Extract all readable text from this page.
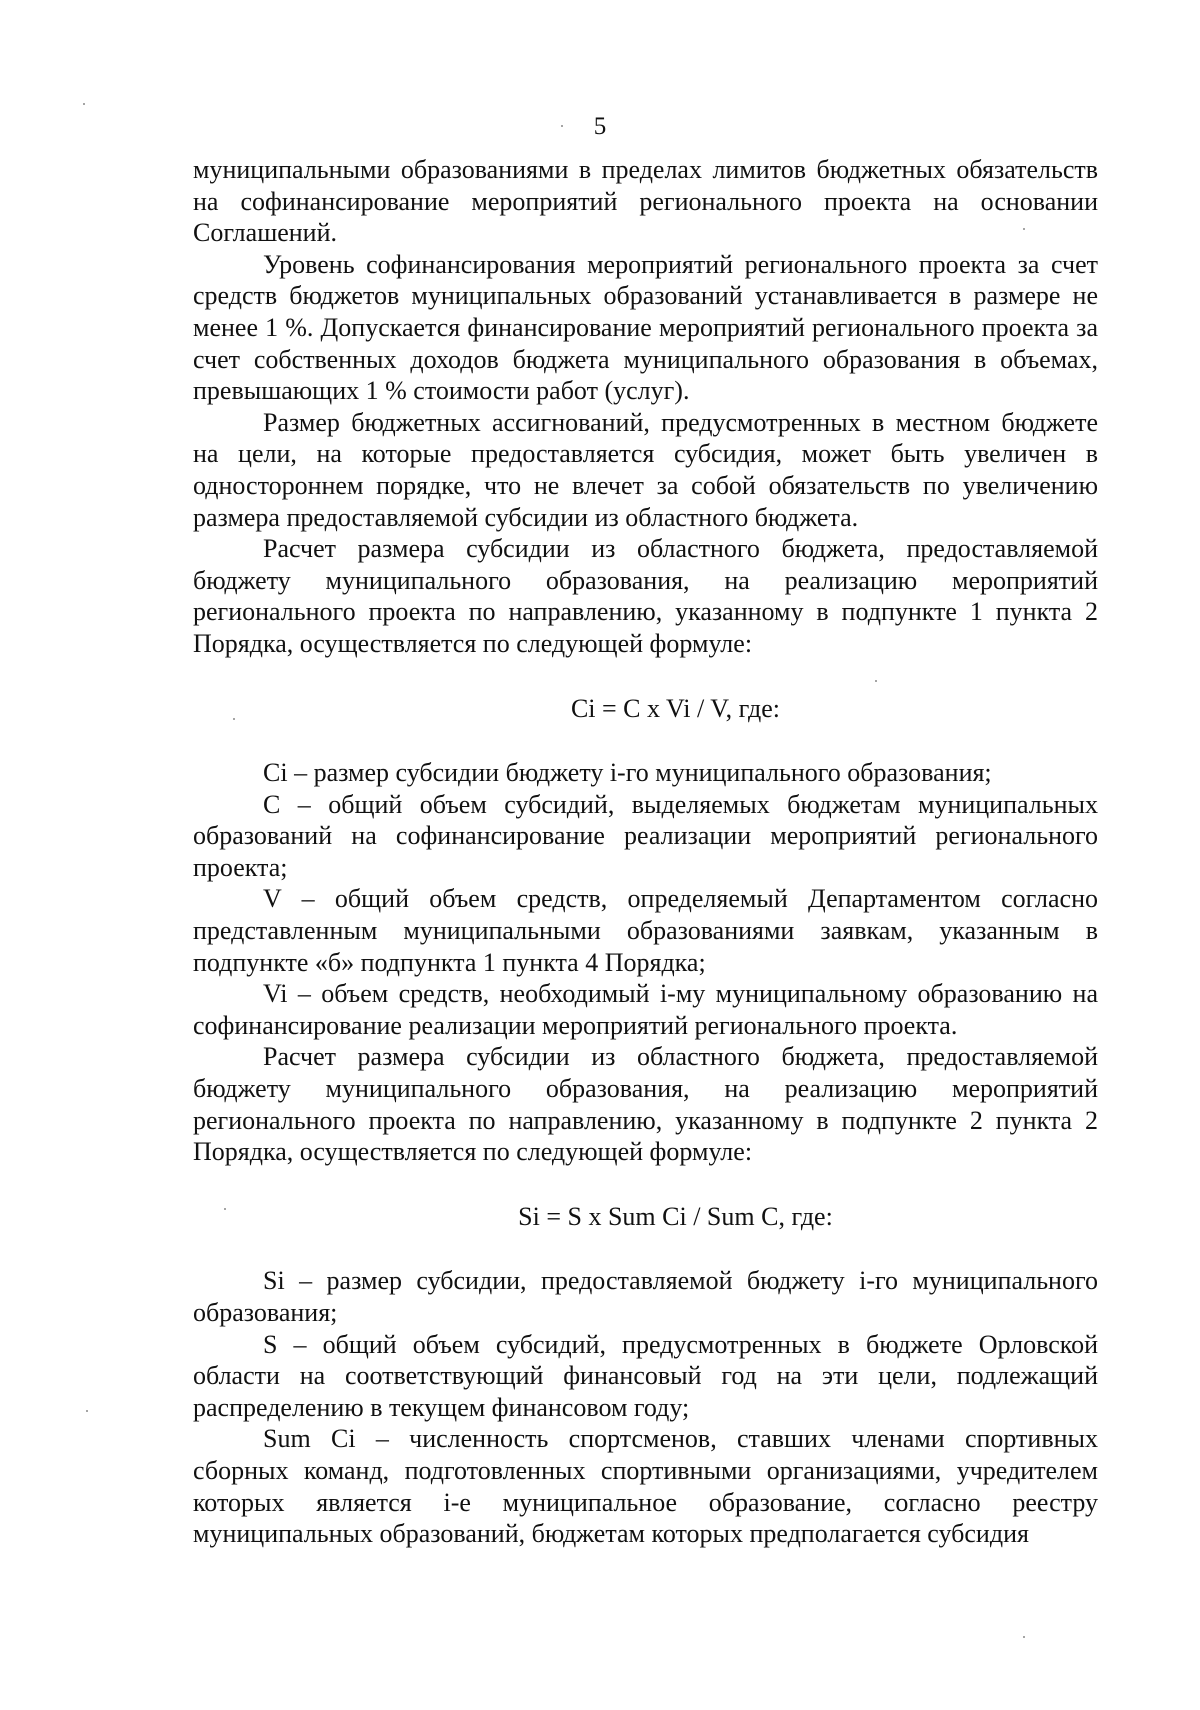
5

муниципальными образованиями в пределах лимитов бюджетных обязательств на софинансирование мероприятий регионального проекта на основании Соглашений.

Уровень софинансирования мероприятий регионального проекта за счет средств бюджетов муниципальных образований устанавливается в размере не менее 1 %. Допускается финансирование мероприятий регионального проекта за счет собственных доходов бюджета муниципального образования в объемах, превышающих 1 % стоимости работ (услуг).

Размер бюджетных ассигнований, предусмотренных в местном бюджете на цели, на которые предоставляется субсидия, может быть увеличен в одностороннем порядке, что не влечет за собой обязательств по увеличению размера предоставляемой субсидии из областного бюджета.

Расчет размера субсидии из областного бюджета, предоставляемой бюджету муниципального образования, на реализацию мероприятий регионального проекта по направлению, указанному в подпункте 1 пункта 2 Порядка, осуществляется по следующей формуле:

Ci = С x Vi / V, где:

Ci – размер субсидии бюджету i-го муниципального образования;

С – общий объем субсидий, выделяемых бюджетам муниципальных образований на софинансирование реализации мероприятий регионального проекта;

V – общий объем средств, определяемый Департаментом согласно представленным муниципальными образованиями заявкам, указанным в подпункте «б» подпункта 1 пункта 4 Порядка;

Vi – объем средств, необходимый i-му муниципальному образованию на софинансирование реализации мероприятий регионального проекта.

Расчет размера субсидии из областного бюджета, предоставляемой бюджету муниципального образования, на реализацию мероприятий регионального проекта по направлению, указанному в подпункте 2 пункта 2 Порядка, осуществляется по следующей формуле:

Si = S x Sum Ci / Sum C, где:

Si – размер субсидии, предоставляемой бюджету i-го муниципального образования;

S – общий объем субсидий, предусмотренных в бюджете Орловской области на соответствующий финансовый год на эти цели, подлежащий распределению в текущем финансовом году;

Sum Ci – численность спортсменов, ставших членами спортивных сборных команд, подготовленных спортивными организациями, учредителем которых является i-е муниципальное образование, согласно реестру муниципальных образований, бюджетам которых предполагается субсидия
